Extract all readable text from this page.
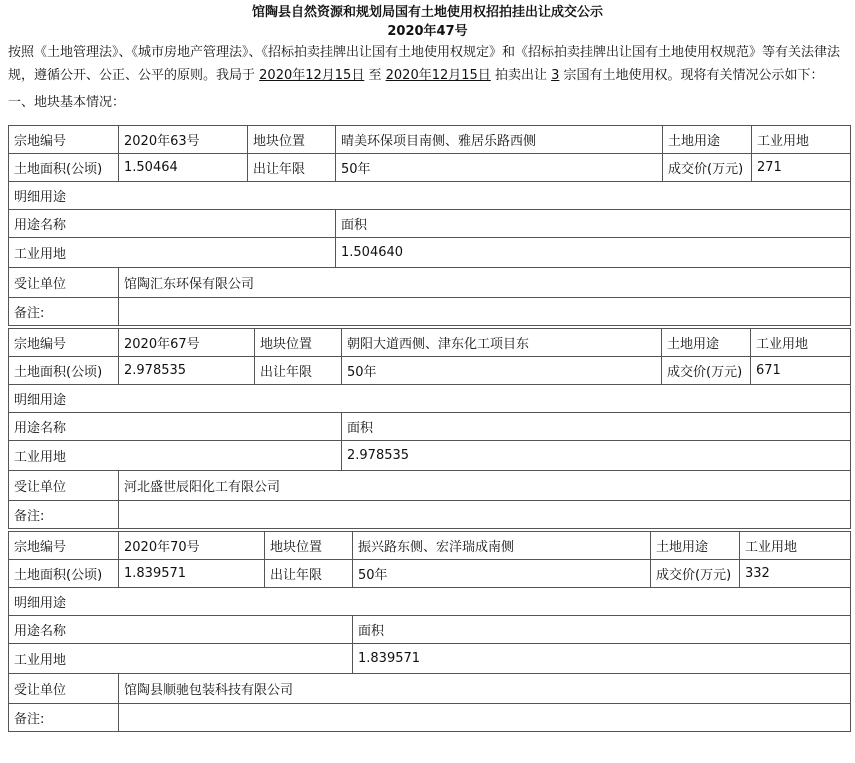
馆陶县自然资源和规划局国有土地使用权招拍挂出让成交公示
2020年47号
按照《土地管理法》、《城市房地产管理法》、《招标拍卖挂牌出让国有土地使用权规定》和《招标拍卖挂牌出让国有土地使用权规范》等有关法律法规，遵循公开、公正、公平的原则。我局于 2020年12月15日 至 2020年12月15日 拍卖出让 3 宗国有土地使用权。现将有关情况公示如下：
一、地块基本情况：
宗地编号	2020年63号	地块位置	晴美环保项目南侧、雅居乐路西侧	土地用途	工业用地
土地面积(公顷)	1.50464	出让年限	50年	成交价(万元)	271
明细用途					
用途名称			面积		
工业用地			1.504640		
受让单位	馆陶汇东环保有限公司				
备注:					
宗地编号	2020年67号	地块位置	朝阳大道西侧、津东化工项目东	土地用途	工业用地
土地面积(公顷)	2.978535	出让年限	50年	成交价(万元)	671
明细用途					
用途名称			面积		
工业用地			2.978535		
受让单位	河北盛世辰阳化工有限公司				
备注:					
宗地编号	2020年70号	地块位置	振兴路东侧、宏洋瑞成南侧	土地用途	工业用地
土地面积(公顷)	1.839571	出让年限	50年	成交价(万元)	332
明细用途					
用途名称			面积		
工业用地			1.839571		
受让单位	馆陶县顺驰包装科技有限公司				
备注:					
